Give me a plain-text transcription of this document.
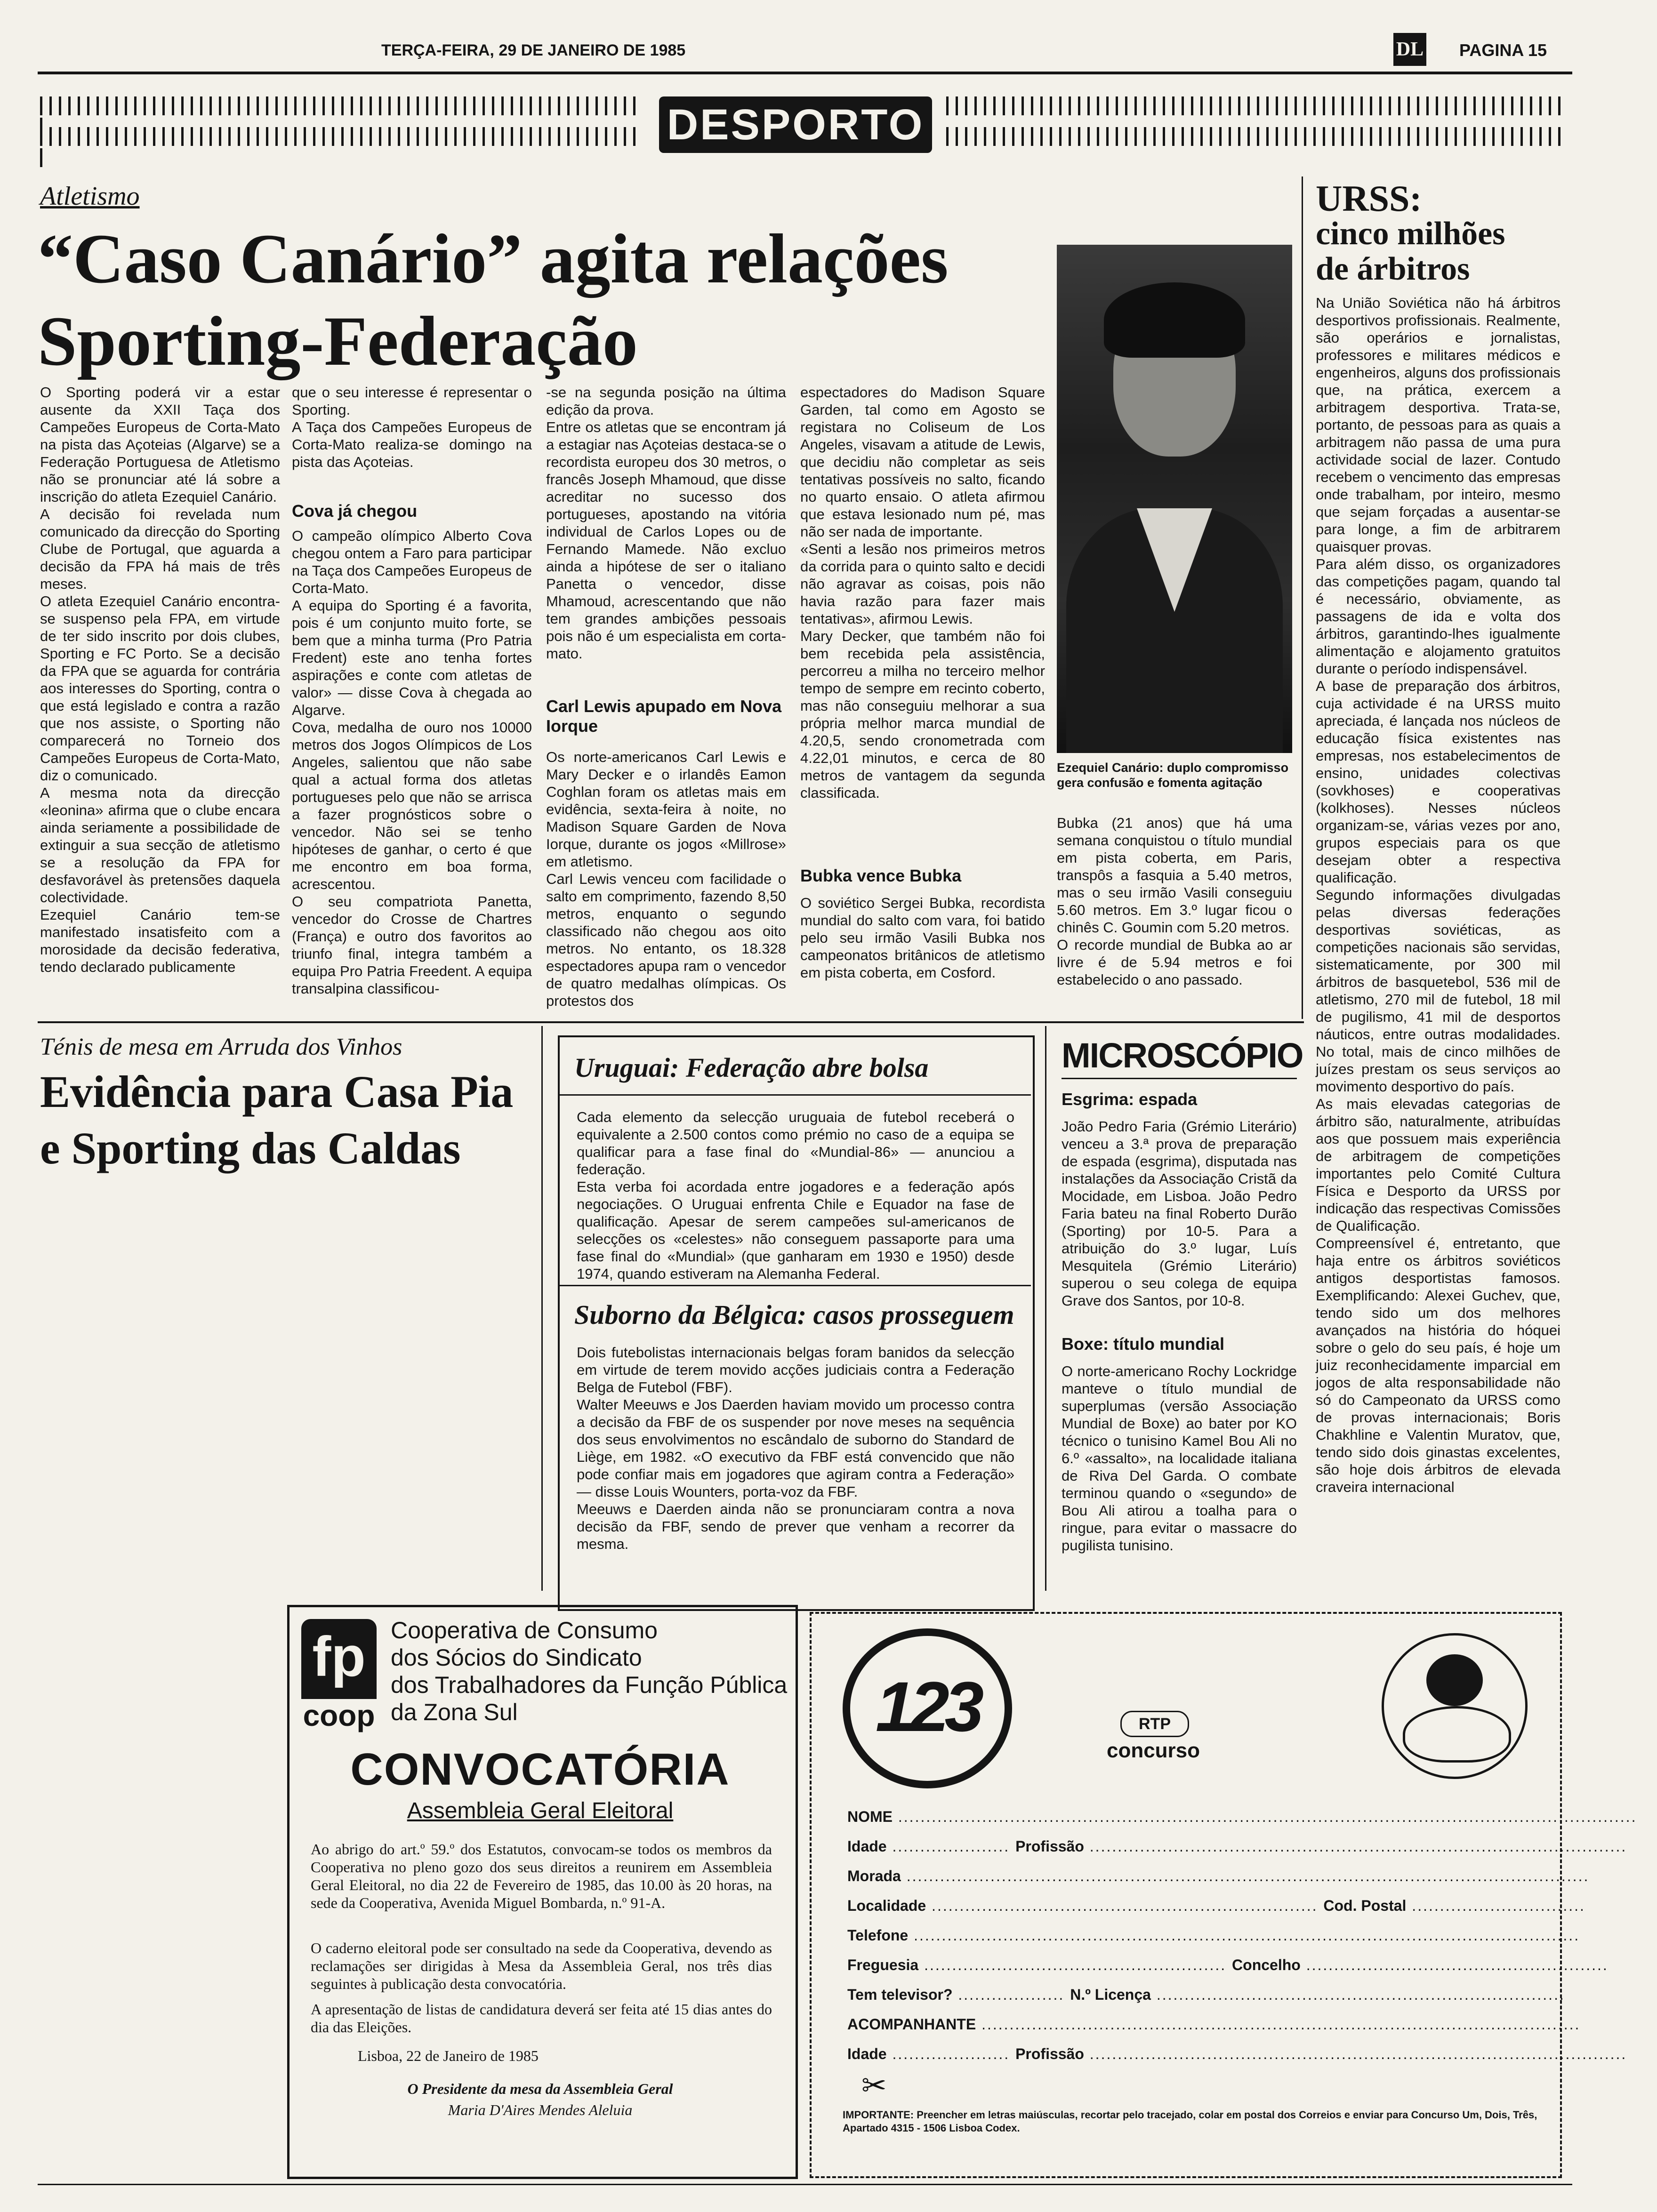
TERÇA-FEIRA, 29 DE JANEIRO DE 1985	DL PAGINA 15
DESPORTO
Atletismo
“Caso Canário” agita relações
Sporting-Federação
O Sporting poderá vir a estar ausente da XXII Taça dos Campeões Europeus de Corta-Mato na pista das Açoteias (Algarve) se a Federação Portuguesa de Atletismo não se pronunciar até lá sobre a inscrição do atleta Ezequiel Canário.
A decisão foi revelada num comunicado da direcção do Sporting Clube de Portugal, que aguarda a decisão da FPA há mais de três meses.
O atleta Ezequiel Canário encontra-se suspenso pela FPA, em virtude de ter sido inscrito por dois clubes, Sporting e FC Porto. Se a decisão da FPA que se aguarda for contrária aos interesses do Sporting, contra o que está legislado e contra a razão que nos assiste, o Sporting não comparecerá no Torneio dos Campeões Europeus de Corta-Mato, diz o comunicado.
A mesma nota da direcção «leonina» afirma que o clube encara ainda seriamente a possibilidade de extinguir a sua secção de atletismo se a resolução da FPA for desfavorável às pretensões daquela colectividade.
Ezequiel Canário tem-se manifestado insatisfeito com a morosidade da decisão federativa, tendo declarado publicamente
que o seu interesse é representar o Sporting.
A Taça dos Campeões Europeus de Corta-Mato realiza-se domingo na pista das Açoteias.
Cova já chegou
O campeão olímpico Alberto Cova chegou ontem a Faro para participar na Taça dos Campeões Europeus de Corta-Mato.
A equipa do Sporting é a favorita, pois é um conjunto muito forte, se bem que a minha turma (Pro Patria Fredent) este ano tenha fortes aspirações e conte com atletas de valor» — disse Cova à chegada ao Algarve.
Cova, medalha de ouro nos 10000 metros dos Jogos Olímpicos de Los Angeles, salientou que não sabe qual a actual forma dos atletas portugueses pelo que não se arrisca a fazer prognósticos sobre o vencedor. Não sei se tenho hipóteses de ganhar, o certo é que me encontro em boa forma, acrescentou.
O seu compatriota Panetta, vencedor do Crosse de Chartres (França) e outro dos favoritos ao triunfo final, integra também a equipa Pro Patria Freedent. A equipa transalpina classificou-
-se na segunda posição na última edição da prova.
Entre os atletas que se encontram já a estagiar nas Açoteias destaca-se o recordista europeu dos 30 metros, o francês Joseph Mhamoud, que disse acreditar no sucesso dos portugueses, apostando na vitória individual de Carlos Lopes ou de Fernando Mamede. Não excluo ainda a hipótese de ser o italiano Panetta o vencedor, disse Mhamoud, acrescentando que não tem grandes ambições pessoais pois não é um especialista em corta-mato.
Carl Lewis apupado em Nova Iorque
Os norte-americanos Carl Lewis e Mary Decker e o irlandês Eamon Coghlan foram os atletas mais em evidência, sexta-feira à noite, no Madison Square Garden de Nova Iorque, durante os jogos «Millrose» em atletismo.
Carl Lewis venceu com facilidade o salto em comprimento, fazendo 8,50 metros, enquanto o segundo classificado não chegou aos oito metros. No entanto, os 18.328 espectadores apupa ram o vencedor de quatro medalhas olímpicas. Os protestos dos
espectadores do Madison Square Garden, tal como em Agosto se registara no Coliseum de Los Angeles, visavam a atitude de Lewis, que decidiu não completar as seis tentativas possíveis no salto, ficando no quarto ensaio. O atleta afirmou que estava lesionado num pé, mas não ser nada de importante.
«Senti a lesão nos primeiros metros da corrida para o quinto salto e decidi não agravar as coisas, pois não havia razão para fazer mais tentativas», afirmou Lewis.
Mary Decker, que também não foi bem recebida pela assistência, percorreu a milha no terceiro melhor tempo de sempre em recinto coberto, mas não conseguiu melhorar a sua própria melhor marca mundial de 4.20,5, sendo cronometrada com 4.22,01 minutos, e cerca de 80 metros de vantagem da segunda classificada.
Bubka vence Bubka
O soviético Sergei Bubka, recordista mundial do salto com vara, foi batido pelo seu irmão Vasili Bubka nos campeonatos britânicos de atletismo em pista coberta, em Cosford.
Ezequiel Canário: duplo compromisso gera confusão e fomenta agitação
Bubka (21 anos) que há uma semana conquistou o título mundial em pista coberta, em Paris, transpôs a fasquia a 5.40 metros, mas o seu irmão Vasili conseguiu 5.60 metros. Em 3.º lugar ficou o chinês C. Goumin com 5.20 metros.
O recorde mundial de Bubka ao ar livre é de 5.94 metros e foi estabelecido o ano passado.
URSS:
cinco milhões
de árbitros
Na União Soviética não há árbitros desportivos profissionais. Realmente, são operários e jornalistas, professores e militares médicos e engenheiros, alguns dos profissionais que, na prática, exercem a arbitragem desportiva. Trata-se, portanto, de pessoas para as quais a arbitragem não passa de uma pura actividade social de lazer. Contudo recebem o vencimento das empresas onde trabalham, por inteiro, mesmo que sejam forçadas a ausentar-se para longe, a fim de arbitrarem quaisquer provas.
Para além disso, os organizadores das competições pagam, quando tal é necessário, obviamente, as passagens de ida e volta dos árbitros, garantindo-lhes igualmente alimentação e alojamento gratuitos durante o período indispensável.
A base de preparação dos árbitros, cuja actividade é na URSS muito apreciada, é lançada nos núcleos de educação física existentes nas empresas, nos estabelecimentos de ensino, unidades colectivas (sovkhoses) e cooperativas (kolkhoses). Nesses núcleos organizam-se, várias vezes por ano, grupos especiais para os que desejam obter a respectiva qualificação.
Segundo informações divulgadas pelas diversas federações desportivas soviéticas, as competições nacionais são servidas, sistematicamente, por 300 mil árbitros de basquetebol, 536 mil de atletismo, 270 mil de futebol, 18 mil de pugilismo, 41 mil de desportos náuticos, entre outras modalidades. No total, mais de cinco milhões de juízes prestam os seus serviços ao movimento desportivo do país.
As mais elevadas categorias de árbitro são, naturalmente, atribuídas aos que possuem mais experiência de arbitragem de competições importantes pelo Comité Cultura Física e Desporto da URSS por indicação das respectivas Comissões de Qualificação.
Compreensível é, entretanto, que haja entre os árbitros soviéticos antigos desportistas famosos. Exemplificando: Alexei Guchev, que, tendo sido um dos melhores avançados na história do hóquei sobre o gelo do seu país, é hoje um juiz reconhecidamente imparcial em jogos de alta responsabilidade não só do Campeonato da URSS como de provas internacionais; Boris Chakhline e Valentin Muratov, que, tendo sido dois ginastas excelentes, são hoje dois árbitros de elevada craveira internacional
Ténis de mesa em Arruda dos Vinhos
Evidência para Casa Pia
e Sporting das Caldas
Uruguai: Federação abre bolsa
Cada elemento da selecção uruguaia de futebol receberá o equivalente a 2.500 contos como prémio no caso de a equipa se qualificar para a fase final do «Mundial-86» — anunciou a federação.
Esta verba foi acordada entre jogadores e a federação após negociações. O Uruguai enfrenta Chile e Equador na fase de qualificação. Apesar de serem campeões sul-americanos de selecções os «celestes» não conseguem passaporte para uma fase final do «Mundial» (que ganharam em 1930 e 1950) desde 1974, quando estiveram na Alemanha Federal.
Suborno da Bélgica: casos prosseguem
Dois futebolistas internacionais belgas foram banidos da selecção em virtude de terem movido acções judiciais contra a Federação Belga de Futebol (FBF).
Walter Meeuws e Jos Daerden haviam movido um processo contra a decisão da FBF de os suspender por nove meses na sequência dos seus envolvimentos no escândalo de suborno do Standard de Liège, em 1982. «O executivo da FBF está convencido que não pode confiar mais em jogadores que agiram contra a Federação» — disse Louis Wounters, porta-voz da FBF.
Meeuws e Daerden ainda não se pronunciaram contra a nova decisão da FBF, sendo de prever que venham a recorrer da mesma.
MICROSCÓPIO
Esgrima: espada
João Pedro Faria (Grémio Literário) venceu a 3.ª prova de preparação de espada (esgrima), disputada nas instalações da Associação Cristã da Mocidade, em Lisboa. João Pedro Faria bateu na final Roberto Durão (Sporting) por 10-5. Para a atribuição do 3.º lugar, Luís Mesquitela (Grémio Literário) superou o seu colega de equipa Grave dos Santos, por 10-8.
Boxe: título mundial
O norte-americano Rochy Lockridge manteve o título mundial de superplumas (versão Associação Mundial de Boxe) ao bater por KO técnico o tunisino Kamel Bou Ali no 6.º «assalto», na localidade italiana de Riva Del Garda. O combate terminou quando o «segundo» de Bou Ali atirou a toalha para o ringue, para evitar o massacre do pugilista tunisino.
fp
coop
Cooperativa de Consumo
dos Sócios do Sindicato
dos Trabalhadores da Função Pública
da Zona Sul
CONVOCATÓRIA
Assembleia Geral Eleitoral
Ao abrigo do art.º 59.º dos Estatutos, convocam-se todos os membros da Cooperativa no pleno gozo dos seus direitos a reunirem em Assembleia Geral Eleitoral, no dia 22 de Fevereiro de 1985, das 10.00 às 20 horas, na sede da Cooperativa, Avenida Miguel Bombarda, n.º 91-A.
O caderno eleitoral pode ser consultado na sede da Cooperativa, devendo as reclamações ser dirigidas à Mesa da Assembleia Geral, nos três dias seguintes à publicação desta convocatória.
A apresentação de listas de candidatura deverá ser feita até 15 dias antes do dia das Eleições.
Lisboa, 22 de Janeiro de 1985
O Presidente da mesa da Assembleia Geral
Maria D'Aires Mendes Aleluia
123	RTP
concurso
NOME ....................................................................................................................................
Idade ..................... Profissão ................................................................................................
Morada ..........................................................................................................................
Localidade ..................................................................... Cod. Postal ...............................
Telefone .......................................................................................................................
Freguesia ...................................................... Concelho ......................................................
Tem televisor? ................... N.º Licença .........................................................................
ACOMPANHANTE ...........................................................................................................
Idade ..................... Profissão ................................................................................................
✂
IMPORTANTE: Preencher em letras maiúsculas, recortar pelo tracejado, colar em postal dos Correios e enviar para Concurso Um, Dois, Três, Apartado 4315 - 1506 Lisboa Codex.
